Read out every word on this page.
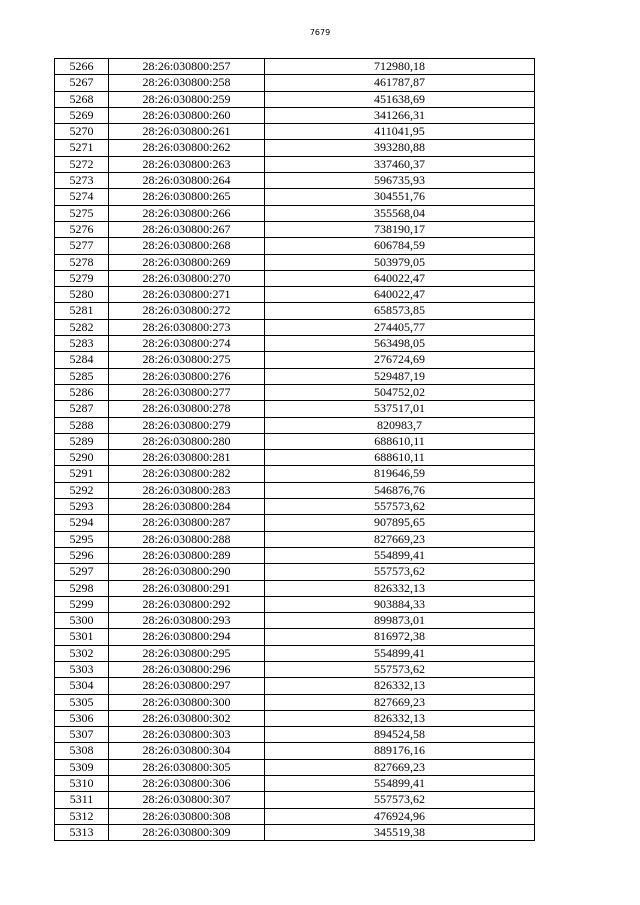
7679
5266	28:26:030800:257	712980,18
5267	28:26:030800:258	461787,87
5268	28:26:030800:259	451638,69
5269	28:26:030800:260	341266,31
5270	28:26:030800:261	411041,95
5271	28:26:030800:262	393280,88
5272	28:26:030800:263	337460,37
5273	28:26:030800:264	596735,93
5274	28:26:030800:265	304551,76
5275	28:26:030800:266	355568,04
5276	28:26:030800:267	738190,17
5277	28:26:030800:268	606784,59
5278	28:26:030800:269	503979,05
5279	28:26:030800:270	640022,47
5280	28:26:030800:271	640022,47
5281	28:26:030800:272	658573,85
5282	28:26:030800:273	274405,77
5283	28:26:030800:274	563498,05
5284	28:26:030800:275	276724,69
5285	28:26:030800:276	529487,19
5286	28:26:030800:277	504752,02
5287	28:26:030800:278	537517,01
5288	28:26:030800:279	820983,7
5289	28:26:030800:280	688610,11
5290	28:26:030800:281	688610,11
5291	28:26:030800:282	819646,59
5292	28:26:030800:283	546876,76
5293	28:26:030800:284	557573,62
5294	28:26:030800:287	907895,65
5295	28:26:030800:288	827669,23
5296	28:26:030800:289	554899,41
5297	28:26:030800:290	557573,62
5298	28:26:030800:291	826332,13
5299	28:26:030800:292	903884,33
5300	28:26:030800:293	899873,01
5301	28:26:030800:294	816972,38
5302	28:26:030800:295	554899,41
5303	28:26:030800:296	557573,62
5304	28:26:030800:297	826332,13
5305	28:26:030800:300	827669,23
5306	28:26:030800:302	826332,13
5307	28:26:030800:303	894524,58
5308	28:26:030800:304	889176,16
5309	28:26:030800:305	827669,23
5310	28:26:030800:306	554899,41
5311	28:26:030800:307	557573,62
5312	28:26:030800:308	476924,96
5313	28:26:030800:309	345519,38
